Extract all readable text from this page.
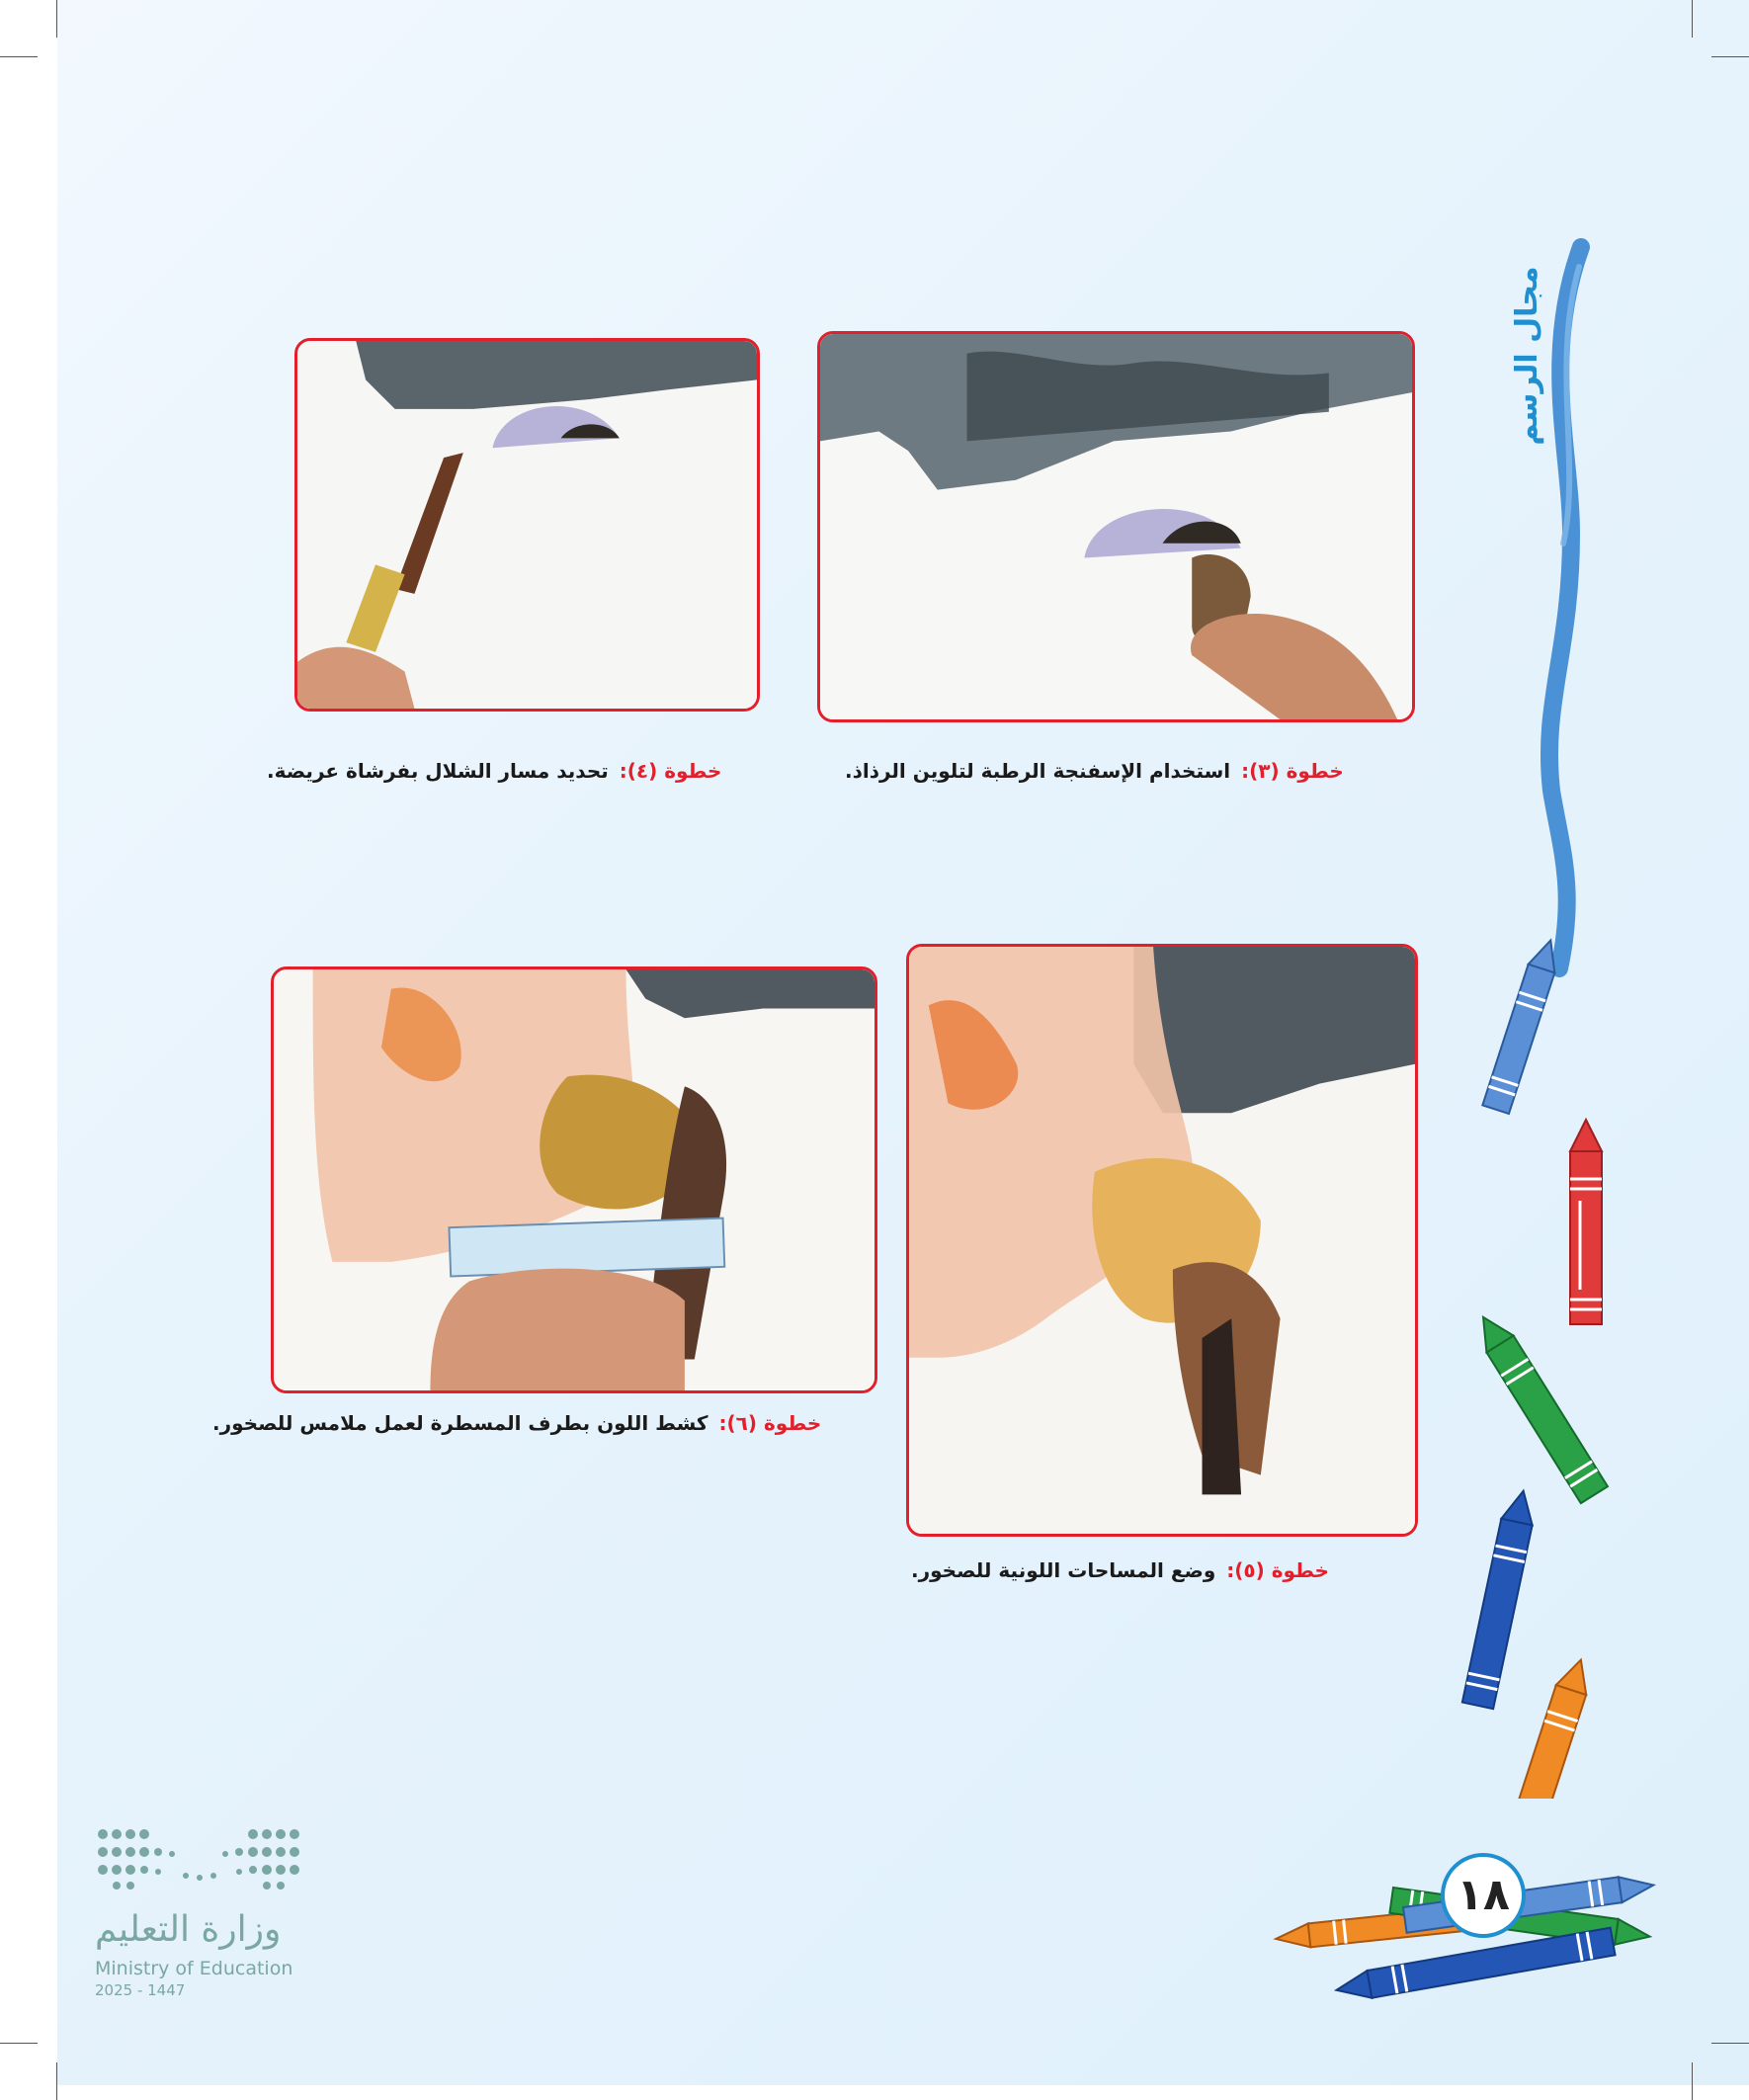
مجال الرسم
١٨
خطوة (٣): استخدام الإسفنجة الرطبة لتلوين الرذاذ.
خطوة (٤): تحديد مسار الشلال بفرشاة عريضة.
خطوة (٥): وضع المساحات اللونية للصخور.
خطوة (٦): كشط اللون بطرف المسطرة لعمل ملامس للصخور.
وزارة التعليم
Ministry of Education
2025 - 1447
